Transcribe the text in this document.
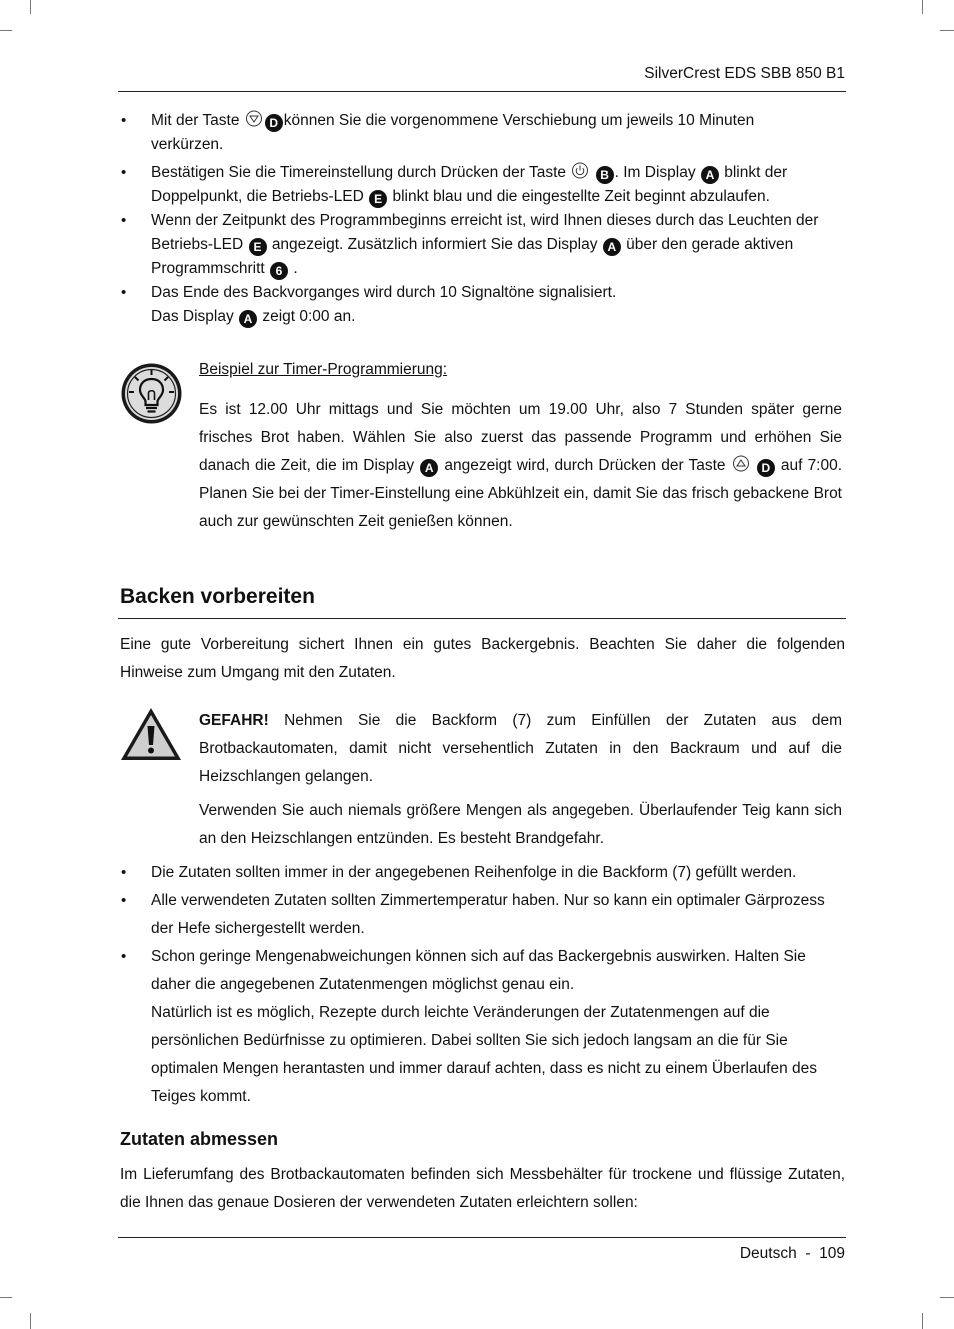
SilverCrest EDS SBB 850 B1
• Mit der Taste D können Sie die vorgenommene Verschiebung um jeweils 10 Minuten verkürzen.
• Bestätigen Sie die Timereinstellung durch Drücken der Taste	B . Im Display A blinkt der Doppelpunkt, die Betriebs-LED E blinkt blau und die eingestellte Zeit beginnt abzulaufen.
• Wenn der Zeitpunkt des Programmbeginns erreicht ist, wird Ihnen dieses durch das Leuchten der Betriebs-LED E angezeigt. Zusätzlich informiert Sie das Display A über den gerade aktiven Programmschritt 6 .
• Das Ende des Backvorganges wird durch 10 Signaltöne signalisiert.
Das Display A zeigt 0:00 an.

Beispiel zur Timer-Programmierung:

Es ist 12.00 Uhr mittags und Sie möchten um 19.00 Uhr, also 7 Stunden später gerne frisches Brot haben. Wählen Sie also zuerst das passende Programm und erhöhen Sie danach die Zeit, die im Display A angezeigt wird, durch Drücken der Taste	D auf 7:00. Planen Sie bei der Timer-Einstellung eine Abkühlzeit ein, damit Sie das frisch gebackene Brot auch zur gewünschten Zeit genießen können.

Backen vorbereiten

Eine gute Vorbereitung sichert Ihnen ein gutes Backergebnis. Beachten Sie daher die folgenden Hinweise zum Umgang mit den Zutaten.

GEFAHR! Nehmen Sie die Backform (7) zum Einfüllen der Zutaten aus dem Brotbackautomaten, damit nicht versehentlich Zutaten in den Backraum und auf die Heizschlangen gelangen.

Verwenden Sie auch niemals größere Mengen als angegeben. Überlaufender Teig kann sich an den Heizschlangen entzünden. Es besteht Brandgefahr.

• Die Zutaten sollten immer in der angegebenen Reihenfolge in die Backform (7) gefüllt werden.
• Alle verwendeten Zutaten sollten Zimmertemperatur haben. Nur so kann ein optimaler Gärprozess der Hefe sichergestellt werden.
• Schon geringe Mengenabweichungen können sich auf das Backergebnis auswirken. Halten Sie daher die angegebenen Zutatenmengen möglichst genau ein.
Natürlich ist es möglich, Rezepte durch leichte Veränderungen der Zutatenmengen auf die persönlichen Bedürfnisse zu optimieren. Dabei sollten Sie sich jedoch langsam an die für Sie optimalen Mengen herantasten und immer darauf achten, dass es nicht zu einem Überlaufen des Teiges kommt.
Zutaten abmessen

Im Lieferumfang des Brotbackautomaten befinden sich Messbehälter für trockene und flüssige Zutaten, die Ihnen das genaue Dosieren der verwendeten Zutaten erleichtern sollen:

Deutsch - 109
